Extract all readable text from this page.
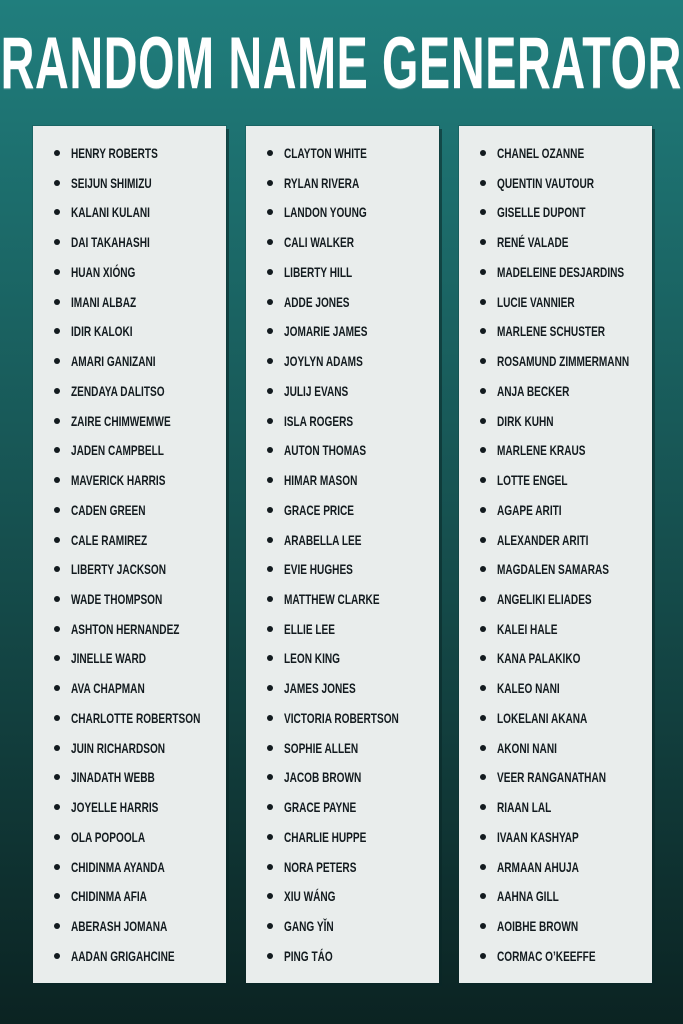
RANDOM NAME GENERATOR
HENRY ROBERTS
SEIJUN SHIMIZU
KALANI KULANI
DAI TAKAHASHI
HUAN XIÓNG
IMANI ALBAZ
IDIR KALOKI
AMARI GANIZANI
ZENDAYA DALITSO
ZAIRE CHIMWEMWE
JADEN CAMPBELL
MAVERICK HARRIS
CADEN GREEN
CALE RAMIREZ
LIBERTY JACKSON
WADE THOMPSON
ASHTON HERNANDEZ
JINELLE WARD
AVA CHAPMAN
CHARLOTTE ROBERTSON
JUIN RICHARDSON
JINADATH WEBB
JOYELLE HARRIS
OLA POPOOLA
CHIDINMA AYANDA
CHIDINMA AFIA
ABERASH JOMANA
AADAN GRIGAHCINE
CLAYTON WHITE
RYLAN RIVERA
LANDON YOUNG
CALI WALKER
LIBERTY HILL
ADDE JONES
JOMARIE JAMES
JOYLYN ADAMS
JULIJ EVANS
ISLA ROGERS
AUTON THOMAS
HIMAR MASON
GRACE PRICE
ARABELLA LEE
EVIE HUGHES
MATTHEW CLARKE
ELLIE LEE
LEON KING
JAMES JONES
VICTORIA ROBERTSON
SOPHIE ALLEN
JACOB BROWN
GRACE PAYNE
CHARLIE HUPPE
NORA PETERS
XIU WÁNG
GANG YǏN
PING TÁO
CHANEL OZANNE
QUENTIN VAUTOUR
GISELLE DUPONT
RENÉ VALADE
MADELEINE DESJARDINS
LUCIE VANNIER
MARLENE SCHUSTER
ROSAMUND ZIMMERMANN
ANJA BECKER
DIRK KUHN
MARLENE KRAUS
LOTTE ENGEL
AGAPE ARITI
ALEXANDER ARITI
MAGDALEN SAMARAS
ANGELIKI ELIADES
KALEI HALE
KANA PALAKIKO
KALEO NANI
LOKELANI AKANA
AKONI NANI
VEER RANGANATHAN
RIAAN LAL
IVAAN KASHYAP
ARMAAN AHUJA
AAHNA GILL
AOIBHE BROWN
CORMAC O’KEEFFE
